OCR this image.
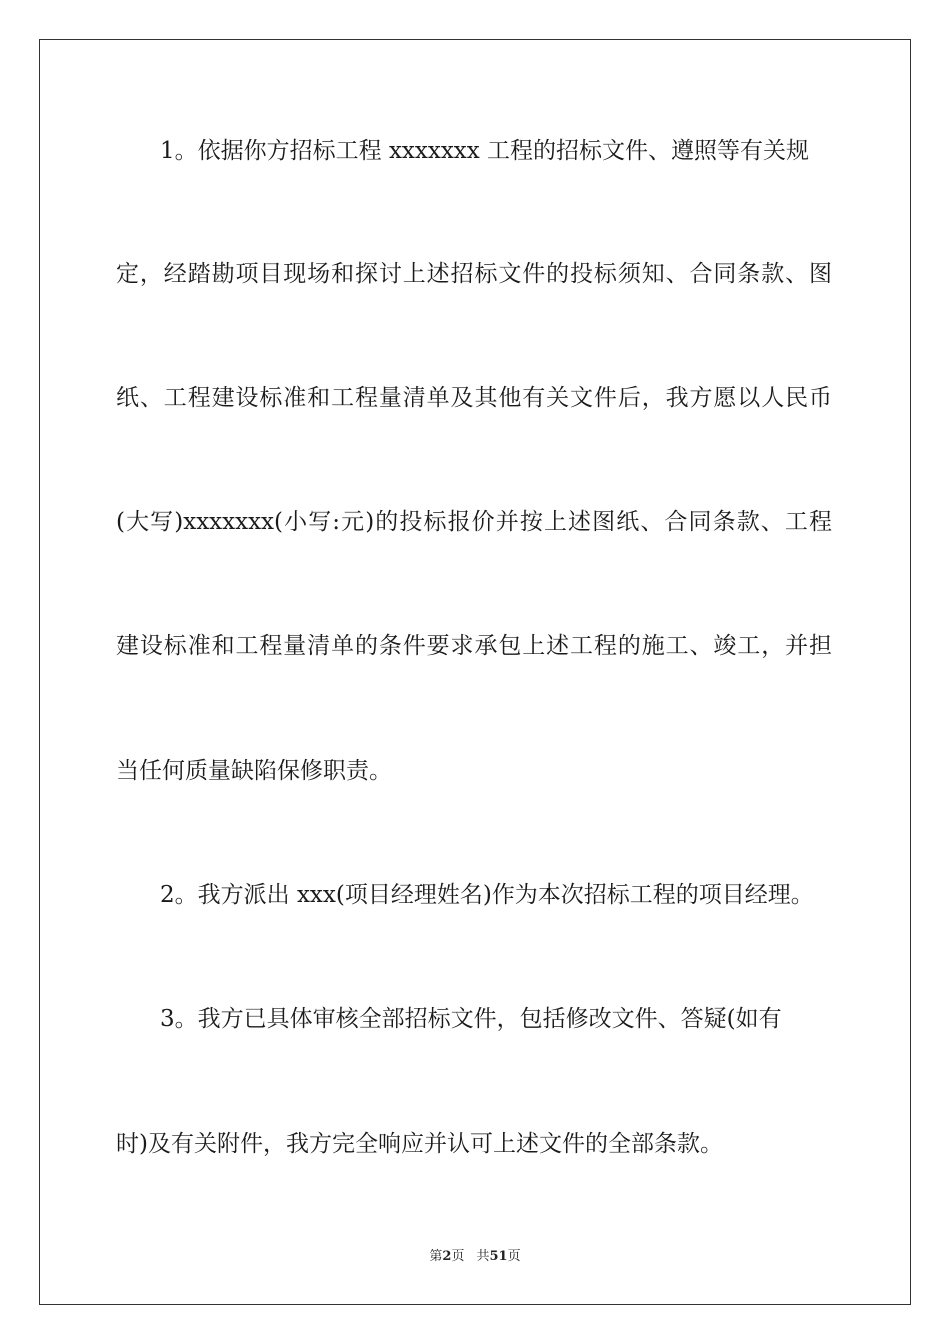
1。依据你方招标工程 xxxxxxx 工程的招标文件、遵照等有关规
定，经踏勘项目现场和探讨上述招标文件的投标须知、合同条款、图
纸、工程建设标准和工程量清单及其他有关文件后，我方愿以人民币
(大写)xxxxxxx(小写:元)的投标报价并按上述图纸、合同条款、工程
建设标准和工程量清单的条件要求承包上述工程的施工、竣工，并担
当任何质量缺陷保修职责。
2。我方派出 xxx(项目经理姓名)作为本次招标工程的项目经理。
3。我方已具体审核全部招标文件，包括修改文件、答疑(如有
时)及有关附件，我方完全响应并认可上述文件的全部条款。
第2页 共51页
